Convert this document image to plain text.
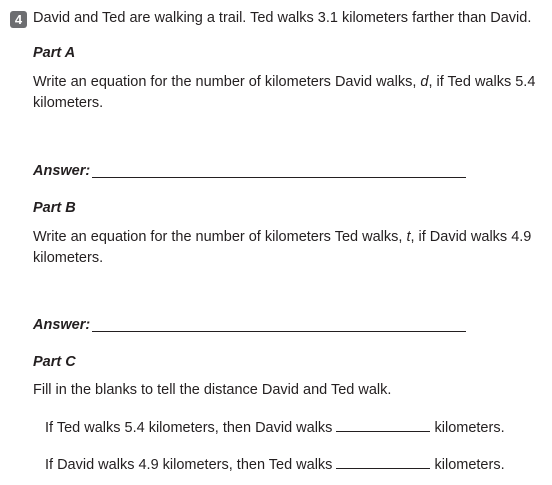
4 David and Ted are walking a trail. Ted walks 3.1 kilometers farther than David.
Part A
Write an equation for the number of kilometers David walks, d, if Ted walks 5.4 kilometers.
Answer:
Part B
Write an equation for the number of kilometers Ted walks, t, if David walks 4.9 kilometers.
Answer:
Part C
Fill in the blanks to tell the distance David and Ted walk.
If Ted walks 5.4 kilometers, then David walks	kilometers.
If David walks 4.9 kilometers, then Ted walks	kilometers.
